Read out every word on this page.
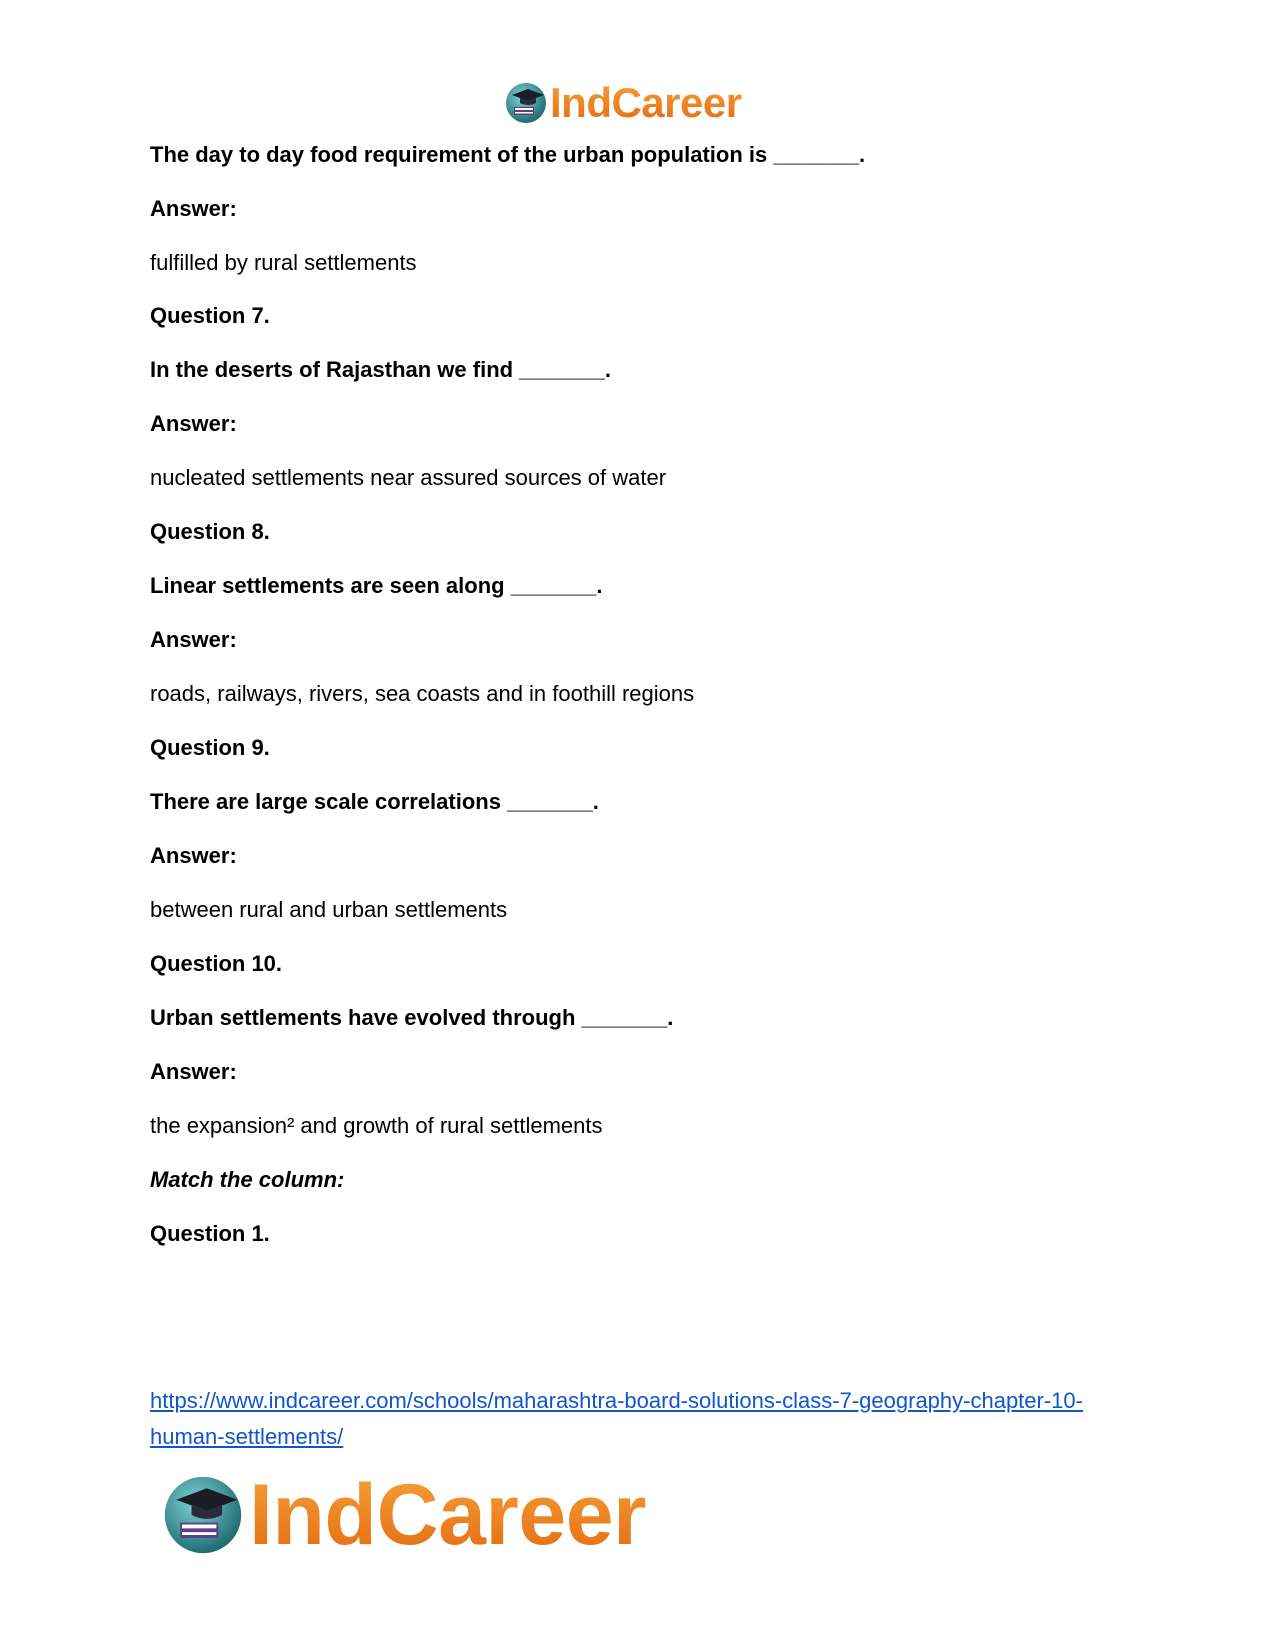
IndCareer
The day to day food requirement of the urban population is _______.
Answer:
fulfilled by rural settlements
Question 7.
In the deserts of Rajasthan we find _______.
Answer:
nucleated settlements near assured sources of water
Question 8.
Linear settlements are seen along _______.
Answer:
roads, railways, rivers, sea coasts and in foothill regions
Question 9.
There are large scale correlations _______.
Answer:
between rural and urban settlements
Question 10.
Urban settlements have evolved through _______.
Answer:
the expansion² and growth of rural settlements
Match the column:
Question 1.
https://www.indcareer.com/schools/maharashtra-board-solutions-class-7-geography-chapter-10-human-settlements/
IndCareer
